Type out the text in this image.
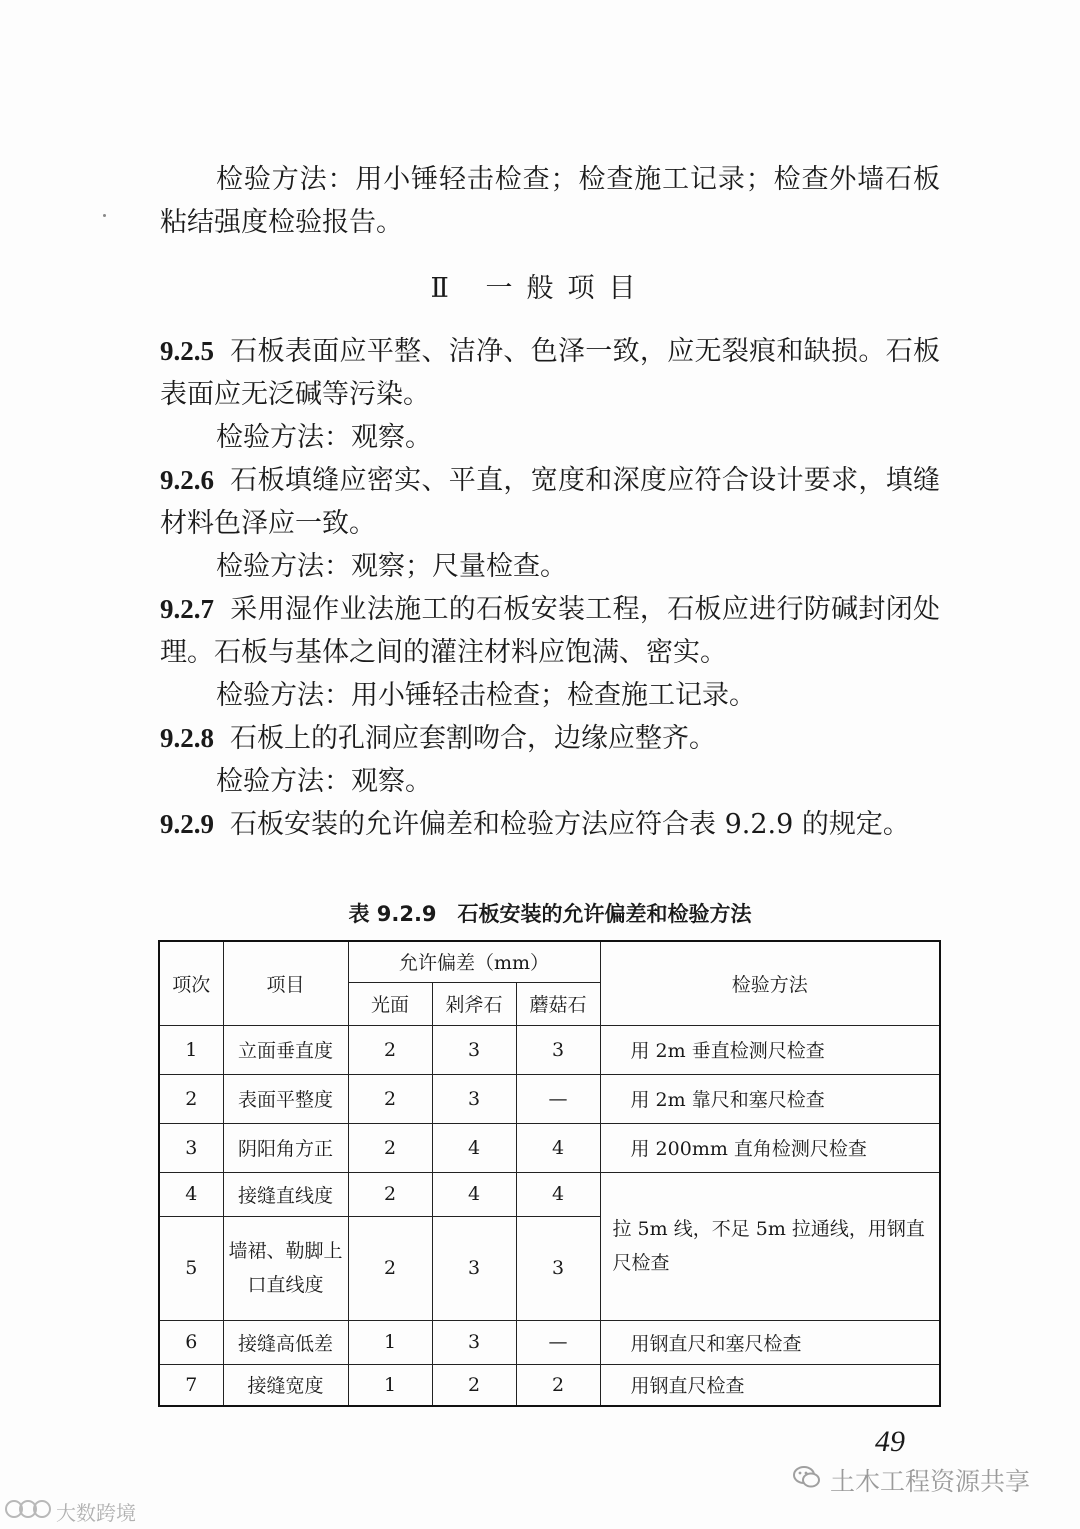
检验方法：用小锤轻击检查；检查施工记录；检查外墙石板粘结强度检验报告。
Ⅱ 一般项目
9.2.5 石板表面应平整、洁净、色泽一致，应无裂痕和缺损。石板表面应无泛碱等污染。
检验方法：观察。
9.2.6 石板填缝应密实、平直，宽度和深度应符合设计要求，填缝材料色泽应一致。
检验方法：观察；尺量检查。
9.2.7 采用湿作业法施工的石板安装工程，石板应进行防碱封闭处理。石板与基体之间的灌注材料应饱满、密实。
检验方法：用小锤轻击检查；检查施工记录。
9.2.8 石板上的孔洞应套割吻合，边缘应整齐。
检验方法：观察。
9.2.9 石板安装的允许偏差和检验方法应符合表 9.2.9 的规定。
表 9.2.9　石板安装的允许偏差和检验方法
项次	项目	允许偏差（mm）			检验方法
		光面	剁斧石	蘑菇石	
1	立面垂直度	2	3	3	用 2m 垂直检测尺检查
2	表面平整度	2	3	—	用 2m 靠尺和塞尺检查
3	阴阳角方正	2	4	4	用 200mm 直角检测尺检查
4	接缝直线度	2	4	4	拉 5m 线，不足 5m 拉通线，用钢直尺检查
5	墙裙、勒脚上口直线度	2	3	3	
6	接缝高低差	1	3	—	用钢直尺和塞尺检查
7	接缝宽度	1	2	2	用钢直尺检查
49
土木工程资源共享
大数跨境
